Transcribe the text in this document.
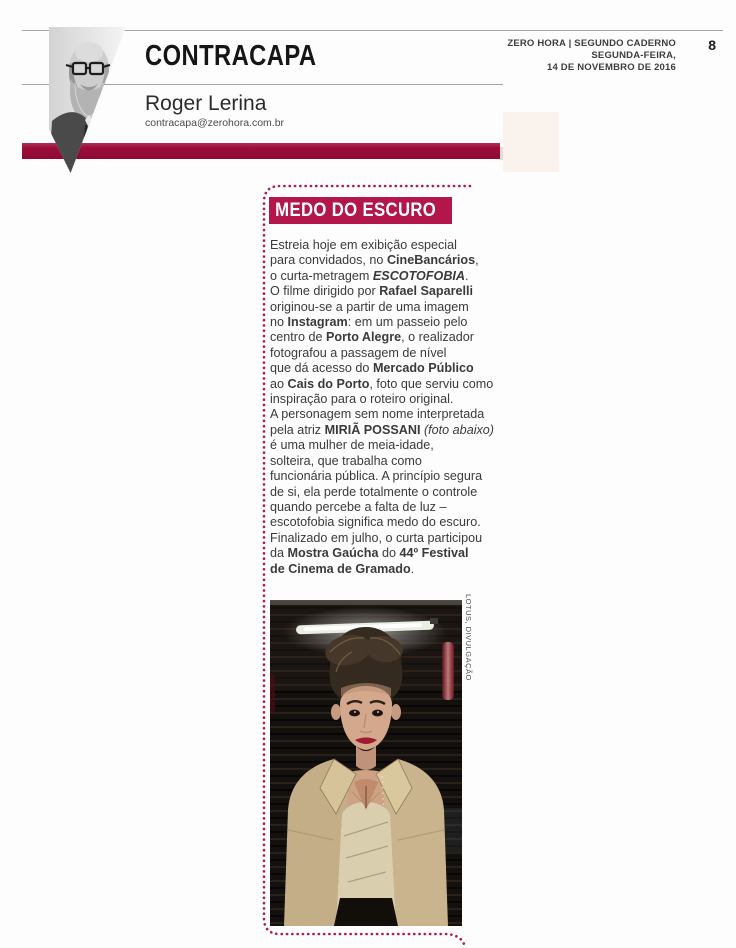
CONTRACAPA
Roger Lerina
contracapa@zerohora.com.br
ZERO HORA | SEGUNDO CADERNO
SEGUNDA-FEIRA,
14 DE NOVEMBRO DE 2016
8
MEDO DO ESCURO
Estreia hoje em exibição especial
para convidados, no CineBancários,
o curta-metragem ESCOTOFOBIA.
O filme dirigido por Rafael Saparelli
originou-se a partir de uma imagem
no Instagram: em um passeio pelo
centro de Porto Alegre, o realizador
fotografou a passagem de nível
que dá acesso do Mercado Público
ao Cais do Porto, foto que serviu como
inspiração para o roteiro original.
A personagem sem nome interpretada
pela atriz MIRIÃ POSSANI (foto abaixo)
é uma mulher de meia-idade,
solteira, que trabalha como
funcionária pública. A princípio segura
de si, ela perde totalmente o controle
quando percebe a falta de luz –
escotofobia significa medo do escuro.
Finalizado em julho, o curta participou
da Mostra Gaúcha do 44º Festival
de Cinema de Gramado.
LOTUS, DIVULGAÇÃO
